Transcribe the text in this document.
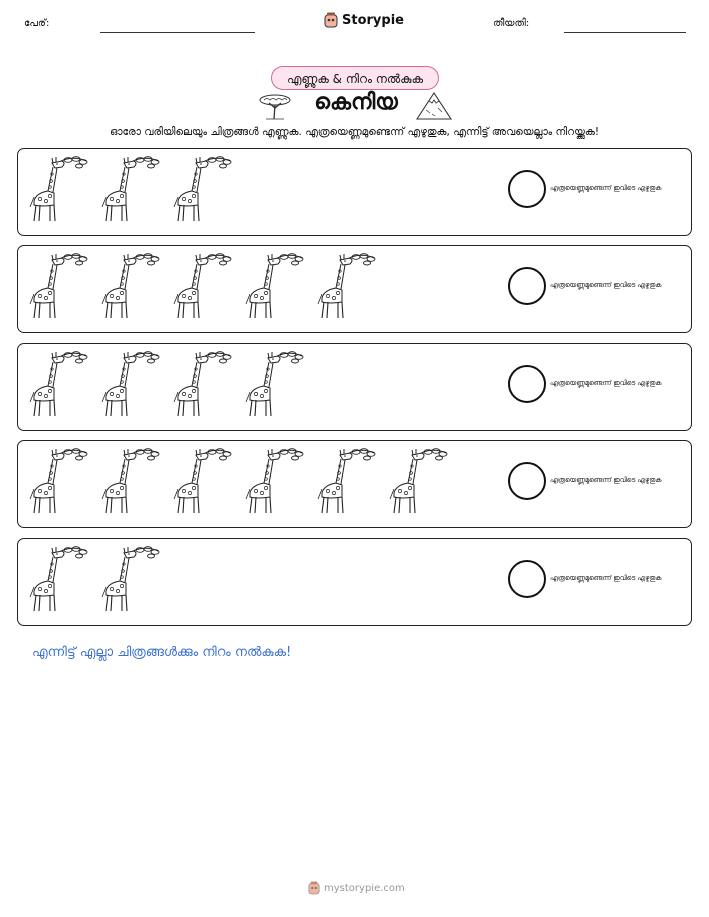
പേര്:	Storypie	തീയതി:
എണ്ണുക & നിറം നൽകുക
കെനിയ
ഓരോ വരിയിലെയും ചിത്രങ്ങൾ എണ്ണുക. എത്രയെണ്ണമുണ്ടെന്ന് എഴുതുക, എന്നിട്ട് അവയെല്ലാം നിറയ്ക്കുക!
എത്രയെണ്ണമുണ്ടെന്ന് ഇവിടെ എഴുതുക
എത്രയെണ്ണമുണ്ടെന്ന് ഇവിടെ എഴുതുക
എത്രയെണ്ണമുണ്ടെന്ന് ഇവിടെ എഴുതുക
എത്രയെണ്ണമുണ്ടെന്ന് ഇവിടെ എഴുതുക
എത്രയെണ്ണമുണ്ടെന്ന് ഇവിടെ എഴുതുക
എന്നിട്ട് എല്ലാ ചിത്രങ്ങൾക്കും നിറം നൽകുക!
mystorypie.com
